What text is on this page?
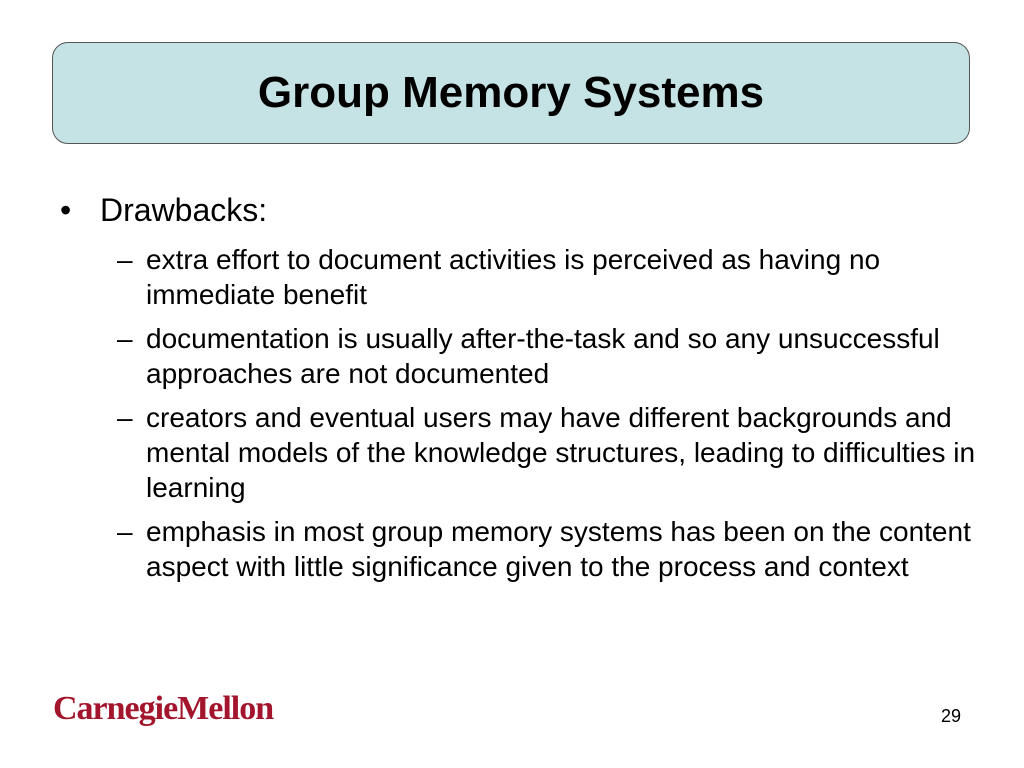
Group Memory Systems
• Drawbacks:
– extra effort to document activities is perceived as having no immediate benefit
– documentation is usually after-the-task and so any unsuccessful approaches are not documented
– creators and eventual users may have different backgrounds and mental models of the knowledge structures, leading to difficulties in learning
– emphasis in most group memory systems has been on the content aspect with little significance given to the process and context
CarnegieMellon	29
